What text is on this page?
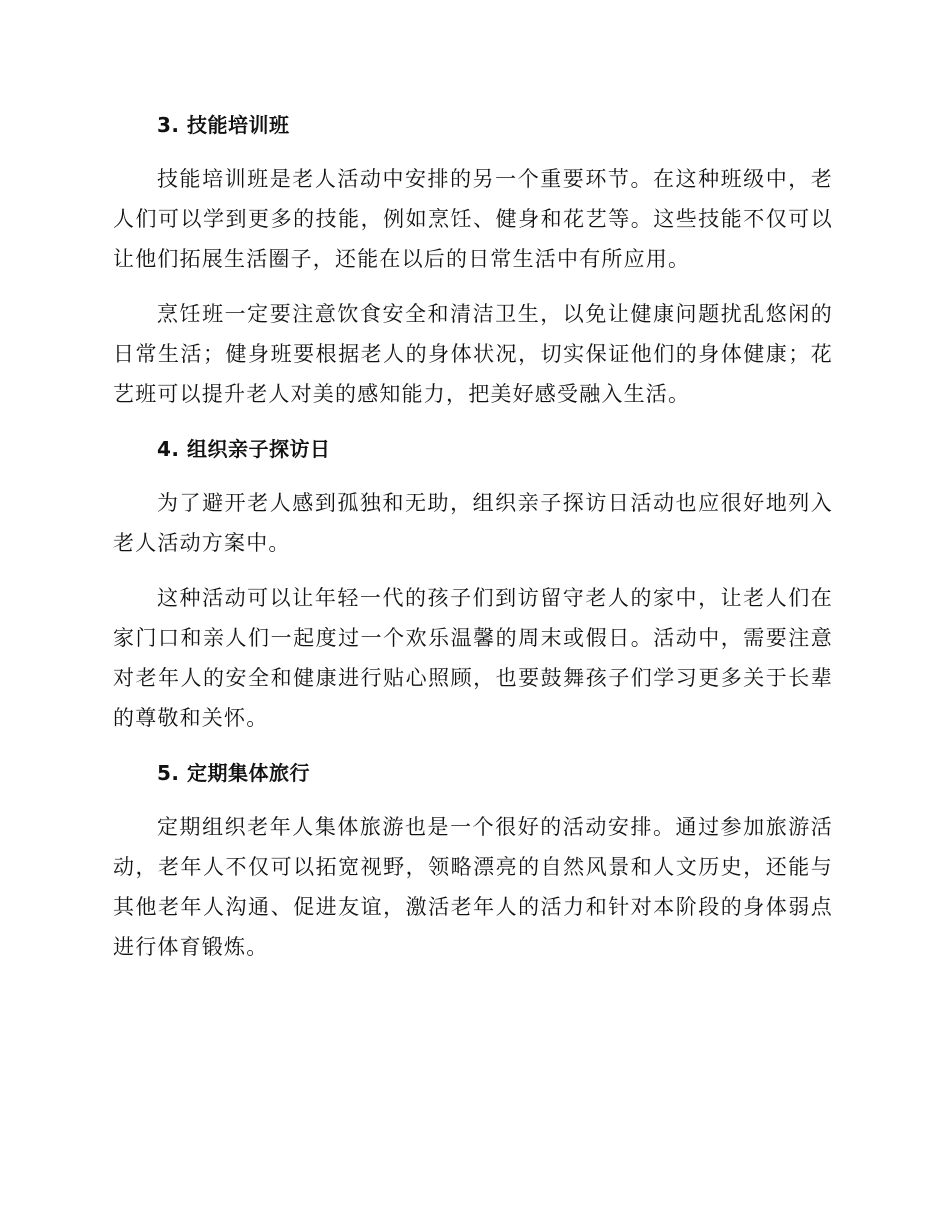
3. 技能培训班

技能培训班是老人活动中安排的另一个重要环节。在这种班级中，老人们可以学到更多的技能，例如烹饪、健身和花艺等。这些技能不仅可以让他们拓展生活圈子，还能在以后的日常生活中有所应用。

烹饪班一定要注意饮食安全和清洁卫生，以免让健康问题扰乱悠闲的日常生活；健身班要根据老人的身体状况，切实保证他们的身体健康；花艺班可以提升老人对美的感知能力，把美好感受融入生活。

4. 组织亲子探访日

为了避开老人感到孤独和无助，组织亲子探访日活动也应很好地列入老人活动方案中。

这种活动可以让年轻一代的孩子们到访留守老人的家中，让老人们在家门口和亲人们一起度过一个欢乐温馨的周末或假日。活动中，需要注意对老年人的安全和健康进行贴心照顾，也要鼓舞孩子们学习更多关于长辈的尊敬和关怀。

5. 定期集体旅行

定期组织老年人集体旅游也是一个很好的活动安排。通过参加旅游活动，老年人不仅可以拓宽视野，领略漂亮的自然风景和人文历史，还能与其他老年人沟通、促进友谊，激活老年人的活力和针对本阶段的身体弱点进行体育锻炼。
